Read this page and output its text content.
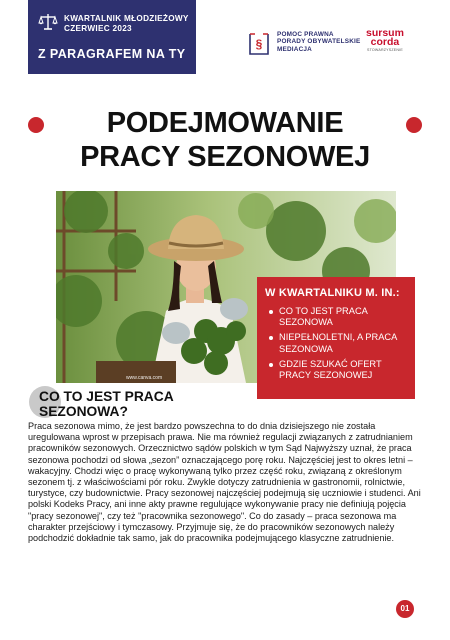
KWARTALNIK MŁODZIEŻOWY
CZERWIEC 2023
Z PARAGRAFEM NA TY
§
POMOC PRAWNA
PORADY OBYWATELSKIE
MEDIACJA
sursum
corda
STOWARZYSZENIE
PODEJMOWANIE
PRACY SEZONOWEJ
www.canva.com
W KWARTALNIKU M. IN.:
CO TO JEST PRACA SEZONOWA
NIEPEŁNOLETNI, A PRACA SEZONOWA
GDZIE SZUKAĆ OFERT PRACY SEZONOWEJ
CO TO JEST PRACA
SEZONOWA?

Praca sezonowa mimo, że jest bardzo powszechna to do dnia dzisiejszego nie została uregulowana wprost w przepisach prawa. Nie ma również regulacji związanych z zatrudnianiem pracowników sezonowych. Orzecznictwo sądów polskich w tym Sąd Najwyższy uznał, że praca sezonowa pochodzi od słowa „sezon” oznaczającego porę roku. Najczęściej jest to okres letni – wakacyjny. Chodzi więc o pracę wykonywaną tylko przez część roku, związaną z określonym sezonem tj. z właściwościami pór roku. Zwykle dotyczy zatrudnienia w gastronomii, rolnictwie, turystyce, czy budownictwie. Pracy sezonowej najczęściej podejmują się uczniowie i studenci. Ani polski Kodeks Pracy, ani inne akty prawne regulujące wykonywanie pracy nie definiują pojęcia "pracy sezonowej", czy też "pracownika sezonowego". Co do zasady – praca sezonowa ma charakter przejściowy i tymczasowy. Przyjmuje się, że do pracowników sezonowych należy podchodzić dokładnie tak samo, jak do pracownika podejmującego klasyczne zatrudnienie.

01
